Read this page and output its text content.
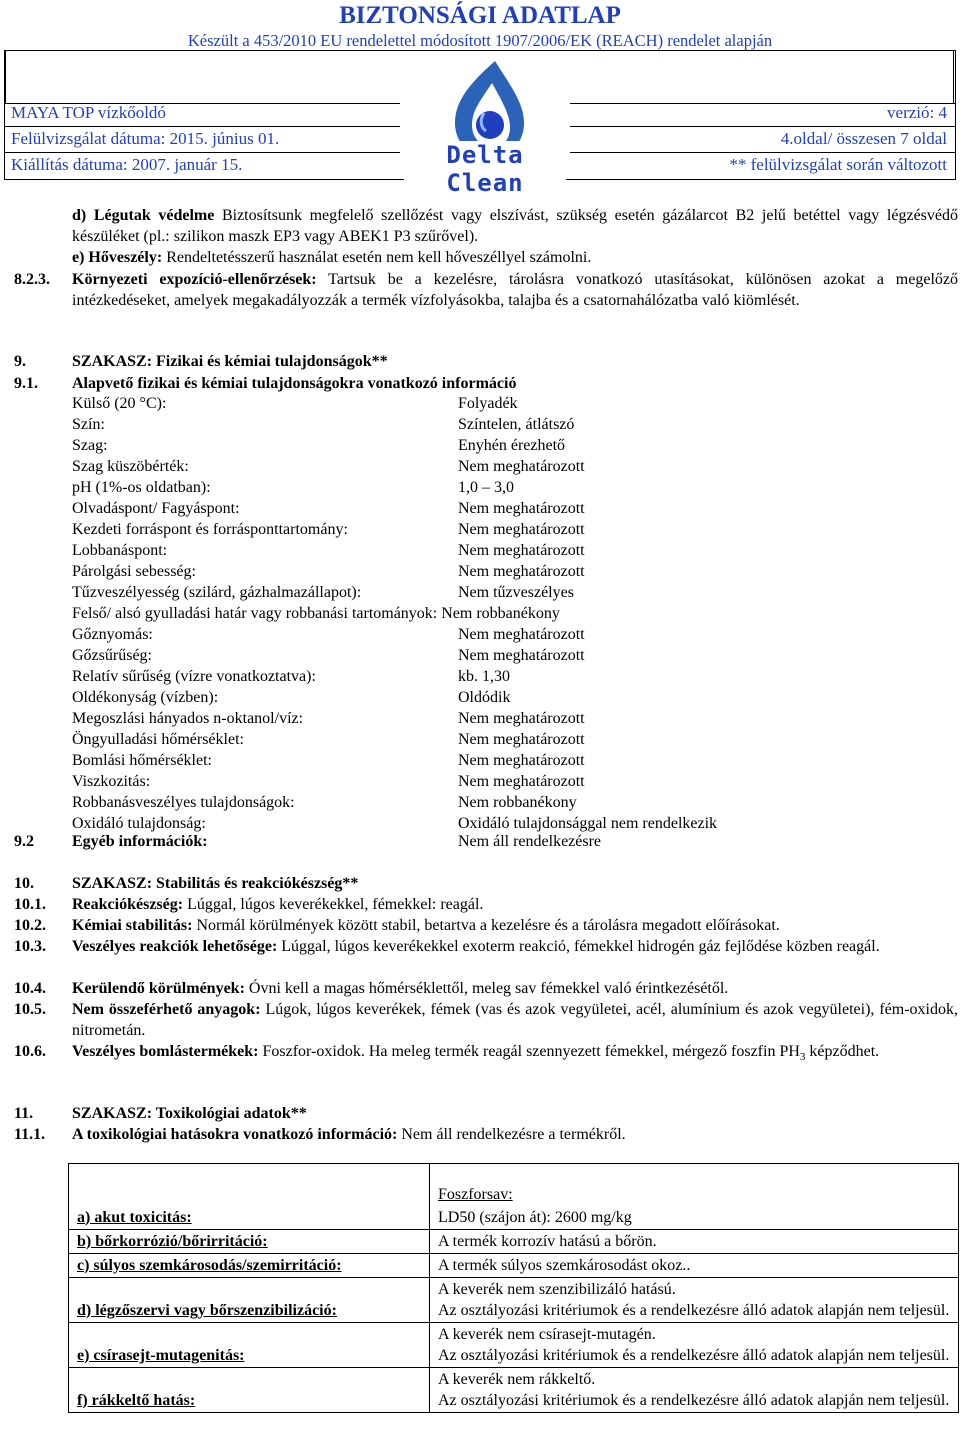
BIZTONSÁGI ADATLAP
Készült a 453/2010 EU rendelettel módosított 1907/2006/EK (REACH) rendelet alapján
MAYA TOP vízkőoldó
Felülvizsgálat dátuma: 2015. június 01.
Kiállítás dátuma: 2007. január 15.
verzió: 4
4.oldal/ összesen 7 oldal
** felülvizsgálat során változott
Delta Clean
d) Légutak védelme Biztosítsunk megfelelő szellőzést vagy elszívást, szükség esetén gázálarcot B2 jelű betéttel vagy légzésvédő készüléket (pl.: szilikon maszk EP3 vagy ABEK1 P3 szűrővel).
e) Hőveszély: Rendeltetésszerű használat esetén nem kell hőveszéllyel számolni.
8.2.3. Környezeti expozíció-ellenőrzések: Tartsuk be a kezelésre, tárolásra vonatkozó utasításokat, különösen azokat a megelőző intézkedéseket, amelyek megakadályozzák a termék vízfolyásokba, talajba és a csatornahálózatba való kiömlését.
9.	SZAKASZ: Fizikai és kémiai tulajdonságok**
9.1. Alapvető fizikai és kémiai tulajdonságokra vonatkozó információ
Külső (20 °C):	Folyadék
Szín:	Színtelen, átlátszó
Szag:	Enyhén érezhető
Szag küszöbérték:	Nem meghatározott
pH (1%-os oldatban):	1,0 – 3,0
Olvadáspont/ Fagyáspont:	Nem meghatározott
Kezdeti forráspont és forrásponttartomány:	Nem meghatározott
Lobbanáspont:	Nem meghatározott
Párolgási sebesség:	Nem meghatározott
Tűzveszélyesség (szilárd, gázhalmazállapot):	Nem tűzveszélyes
Felső/ alsó gyulladási határ vagy robbanási tartományok: Nem robbanékony
Gőznyomás:	Nem meghatározott
Gőzsűrűség:	Nem meghatározott
Relatív sűrűség (vízre vonatkoztatva):	kb. 1,30
Oldékonyság (vízben):	Oldódik
Megoszlási hányados n-oktanol/víz:	Nem meghatározott
Öngyulladási hőmérséklet:	Nem meghatározott
Bomlási hőmérséklet:	Nem meghatározott
Viszkozitás:	Nem meghatározott
Robbanásveszélyes tulajdonságok:	Nem robbanékony
Oxidáló tulajdonság:	Oxidáló tulajdonsággal nem rendelkezik
9.2 Egyéb információk:	Nem áll rendelkezésre
10. SZAKASZ: Stabilitás és reakciókészség**
10.1. Reakciókészség: Lúggal, lúgos keverékekkel, fémekkel: reagál.
10.2. Kémiai stabilitás: Normál körülmények között stabil, betartva a kezelésre és a tárolásra megadott előírásokat.
10.3. Veszélyes reakciók lehetősége: Lúggal, lúgos keverékekkel exoterm reakció, fémekkel hidrogén gáz fejlődése közben reagál.
10.4. Kerülendő körülmények: Óvni kell a magas hőmérséklettől, meleg sav fémekkel való érintkezésétől.
10.5. Nem összeférhető anyagok: Lúgok, lúgos keverékek, fémek (vas és azok vegyületei, acél, alumínium és azok vegyületei), fém-oxidok, nitrometán.
10.6. Veszélyes bomlástermékek: Foszfor-oxidok. Ha meleg termék reagál szennyezett fémekkel, mérgező foszfin $PH_3$ képződhet.
11. SZAKASZ: Toxikológiai adatok**
11.1. A toxikológiai hatásokra vonatkozó információ: Nem áll rendelkezésre a termékről.
a) akut toxicitás:	Foszforsav:
	LD50 (szájon át): 2600 mg/kg
b) bőrkorrózió/bőrirritáció:	A termék korrozív hatású a bőrön.
c) súlyos szemkárosodás/szemirritáció:	A termék súlyos szemkárosodást okoz..
d) légzőszervi vagy bőrszenzibilizáció:	A keverék nem szenzibilizáló hatású.
Az osztályozási kritériumok és a rendelkezésre álló adatok alapján nem teljesül.

e) csírasejt-mutagenitás:	A keverék nem csírasejt-mutagén.
Az osztályozási kritériumok és a rendelkezésre álló adatok alapján nem teljesül.

f) rákkeltő hatás:	A keverék nem rákkeltő.
Az osztályozási kritériumok és a rendelkezésre álló adatok alapján nem teljesül.
